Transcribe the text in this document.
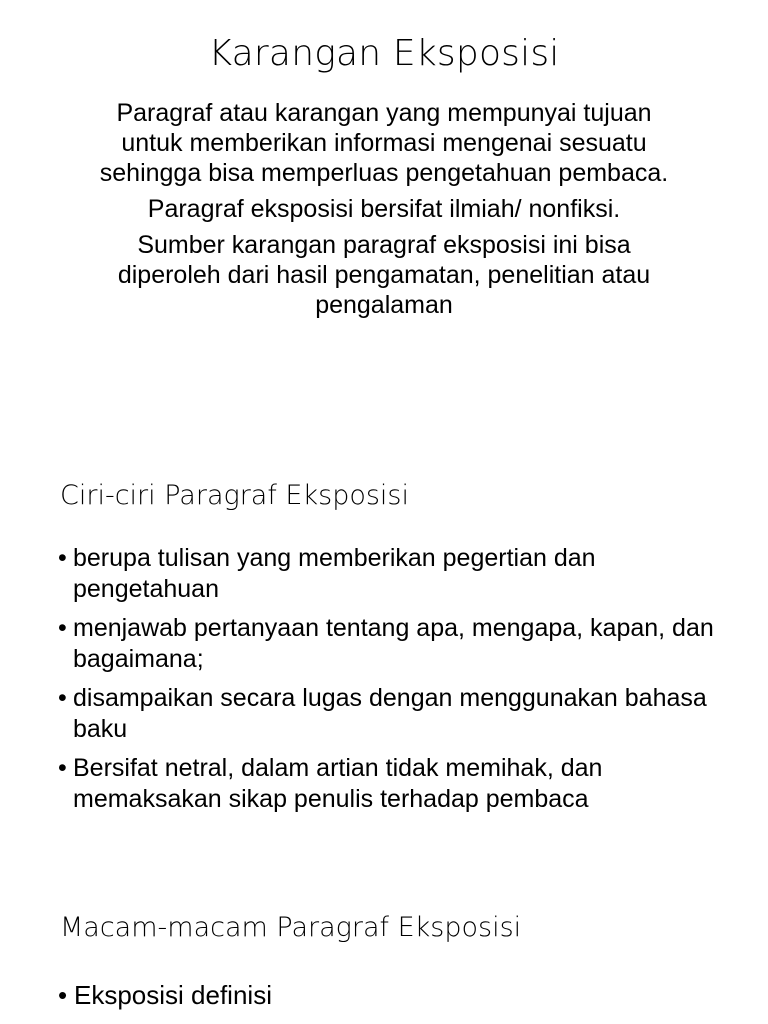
Karangan Eksposisi

Paragraf atau karangan yang mempunyai tujuan untuk memberikan informasi mengenai sesuatu sehingga bisa memperluas pengetahuan pembaca.

Paragraf eksposisi bersifat ilmiah/ nonfiksi.

Sumber karangan paragraf eksposisi ini bisa diperoleh dari hasil pengamatan, penelitian atau pengalaman

Ciri-ciri Paragraf Eksposisi
• berupa tulisan yang memberikan pegertian dan pengetahuan
• menjawab pertanyaan tentang apa, mengapa, kapan, dan bagaimana;
• disampaikan secara lugas dengan menggunakan bahasa baku
• Bersifat netral, dalam artian tidak memihak, dan memaksakan sikap penulis terhadap pembaca
Macam-macam Paragraf Eksposisi
• Eksposisi definisi
